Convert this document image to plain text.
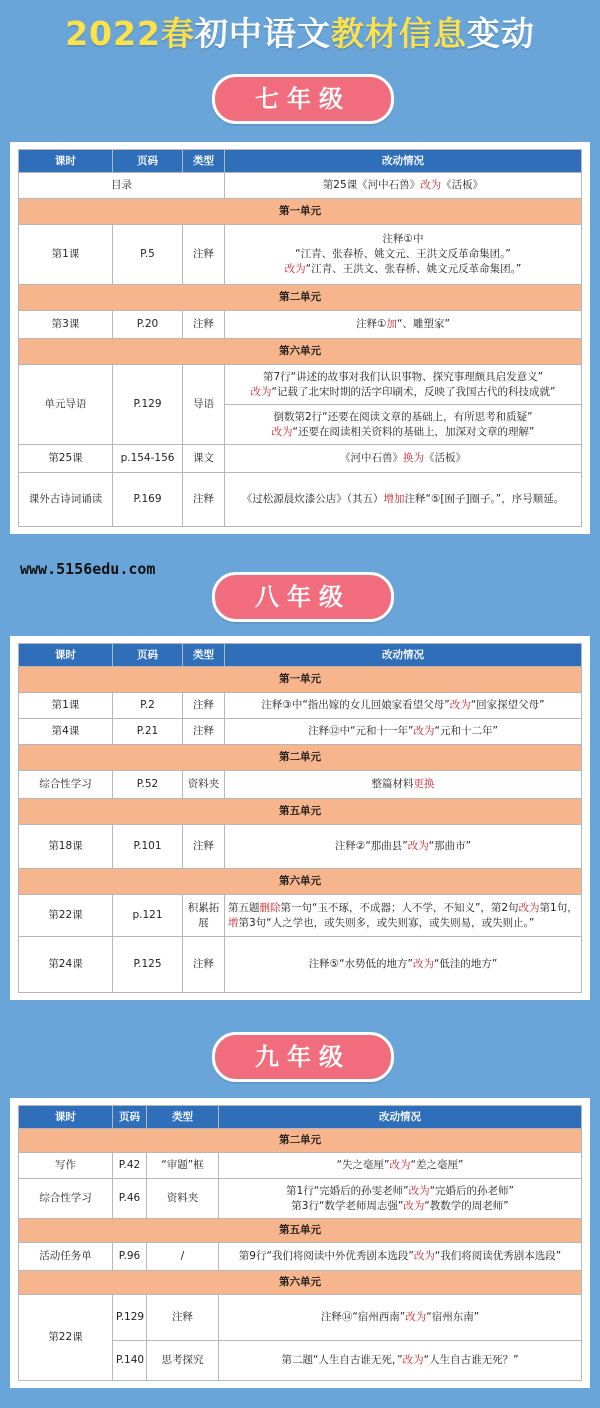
2022春初中语文教材信息变动
七年级
课时	页码	类型	改动情况
目录			第25课《河中石兽》改为《活板》
第一单元			
第1课	P.5	注释	注释①中
“江青、张春桥、姚文元、王洪文反革命集团。”
改为“江青、王洪文、张春桥、姚文元反革命集团。”

第二单元			
第3课	P.20	注释	注释①加“、雕塑家”
第六单元			
单元导语	P.129	导语	第7行“讲述的故事对我们认识事物、探究事理颇具启发意义”
改为“记载了北宋时期的活字印刷术，反映了我国古代的科技成就”

			倒数第2行“还要在阅读文章的基础上，有所思考和质疑”
改为“还要在阅读相关资料的基础上，加深对文章的理解”

第25课	p.154-156	课文	《河中石兽》换为《活板》
课外古诗词诵读	P.169	注释	《过松源晨炊漆公店》（其五）增加注释“⑤[囿子]圈子。”，序号顺延。
www.5156edu.com
八年级
课时	页码	类型	改动情况
第一单元			
第1课	P.2	注释	注释③中“指出嫁的女儿回娘家看望父母”改为“回家探望父母”
第4课	P.21	注释	注释⑫中“元和十一年”改为“元和十二年”
第二单元			
综合性学习	P.52	资料夹	整篇材料更换
第五单元			
第18课	P.101	注释	注释②“那曲县”改为“那曲市”
第六单元			
第22课	p.121	积累拓展	第五题删除第一句“玉不琢，不成器；人不学，不知义”，第2句改为第1句，增第3句“人之学也，或失则多，或失则寡，或失则易，或失则止。”
第24课	P.125	注释	注释⑤“水势低的地方”改为“低洼的地方”
九年级
课时	页码	类型	改动情况
第二单元			
写作	P.42	“审题”框	“失之毫厘”改为“差之毫厘”
综合性学习	P.46	资料夹	第1行“完婚后的孙雯老师”改为“完婚后的孙老师”
第3行“数学老师周志强”改为“教数学的周老师”

第五单元			
活动任务单	P.96	/	第9行“我们将阅读中外优秀剧本选段”改为“我们将阅读优秀剧本选段”
第六单元			
第22课	P.129	注释	注释⑭“宿州西南”改为“宿州东南”
	P.140	思考探究	第二题“人生自古谁无死，”改为“人生自古谁无死？”
